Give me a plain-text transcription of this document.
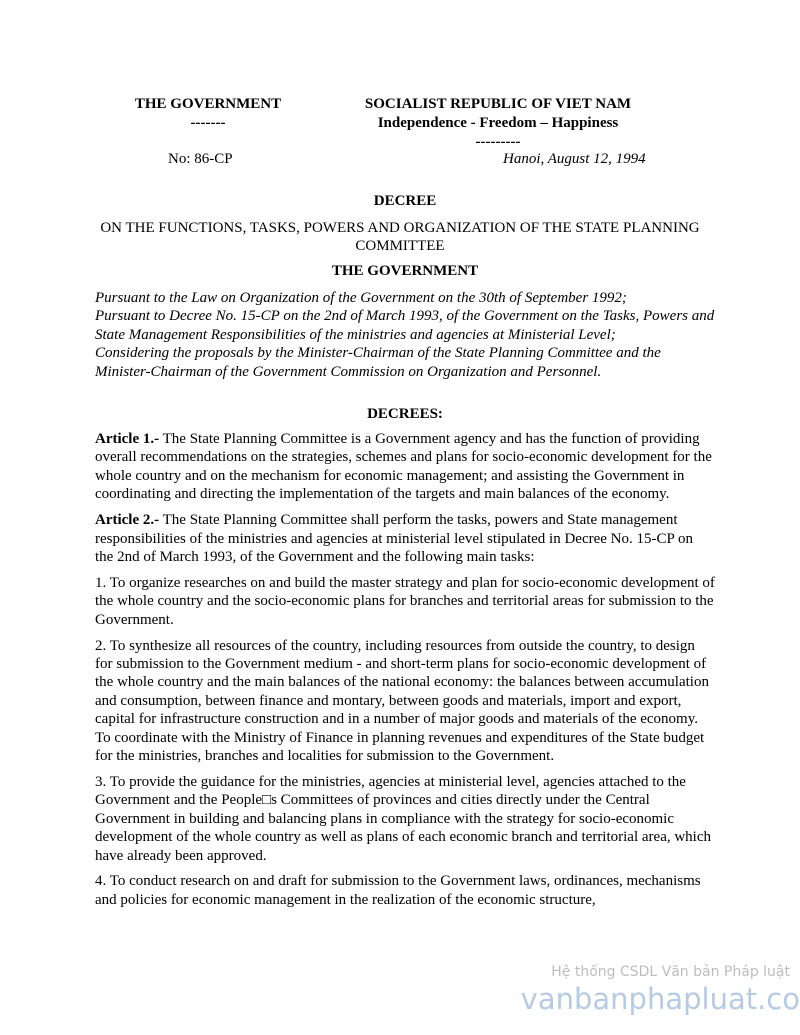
THE GOVERNMENT
-------
SOCIALIST REPUBLIC OF VIET NAM
Independence - Freedom – Happiness
---------
No: 86-CP	Hanoi, August 12, 1994
DECREE
ON THE FUNCTIONS, TASKS, POWERS AND ORGANIZATION OF THE STATE PLANNING COMMITTEE
THE GOVERNMENT
Pursuant to the Law on Organization of the Government on the 30th of September 1992;
Pursuant to Decree No. 15-CP on the 2nd of March 1993, of the Government on the Tasks, Powers and State Management Responsibilities of the ministries and agencies at Ministerial Level;
Considering the proposals by the Minister-Chairman of the State Planning Committee and the Minister-Chairman of the Government Commission on Organization and Personnel.
DECREES:

Article 1.- The State Planning Committee is a Government agency and has the function of providing overall recommendations on the strategies, schemes and plans for socio-economic development for the whole country and on the mechanism for economic management; and assisting the Government in coordinating and directing the implementation of the targets and main balances of the economy.

Article 2.- The State Planning Committee shall perform the tasks, powers and State management responsibilities of the ministries and agencies at ministerial level stipulated in Decree No. 15-CP on the 2nd of March 1993, of the Government and the following main tasks:

1. To organize researches on and build the master strategy and plan for socio-economic development of the whole country and the socio-economic plans for branches and territorial areas for submission to the Government.

2. To synthesize all resources of the country, including resources from outside the country, to design for submission to the Government medium - and short-term plans for socio-economic development of the whole country and the main balances of the national economy: the balances between accumulation and consumption, between finance and montary, between goods and materials, import and export, capital for infrastructure construction and in a number of major goods and materials of the economy. To coordinate with the Ministry of Finance in planning revenues and expenditures of the State budget for the ministries, branches and localities for submission to the Government.

3. To provide the guidance for the ministries, agencies at ministerial level, agencies attached to the Government and the People□s Committees of provinces and cities directly under the Central Government in building and balancing plans in compliance with the strategy for socio-economic development of the whole country as well as plans of each economic branch and territorial area, which have already been approved.

4. To conduct research on and draft for submission to the Government laws, ordinances, mechanisms and policies for economic management in the realization of the economic structure,

Hệ thống CSDL Văn bản Pháp luật
vanbanphapluat.co
